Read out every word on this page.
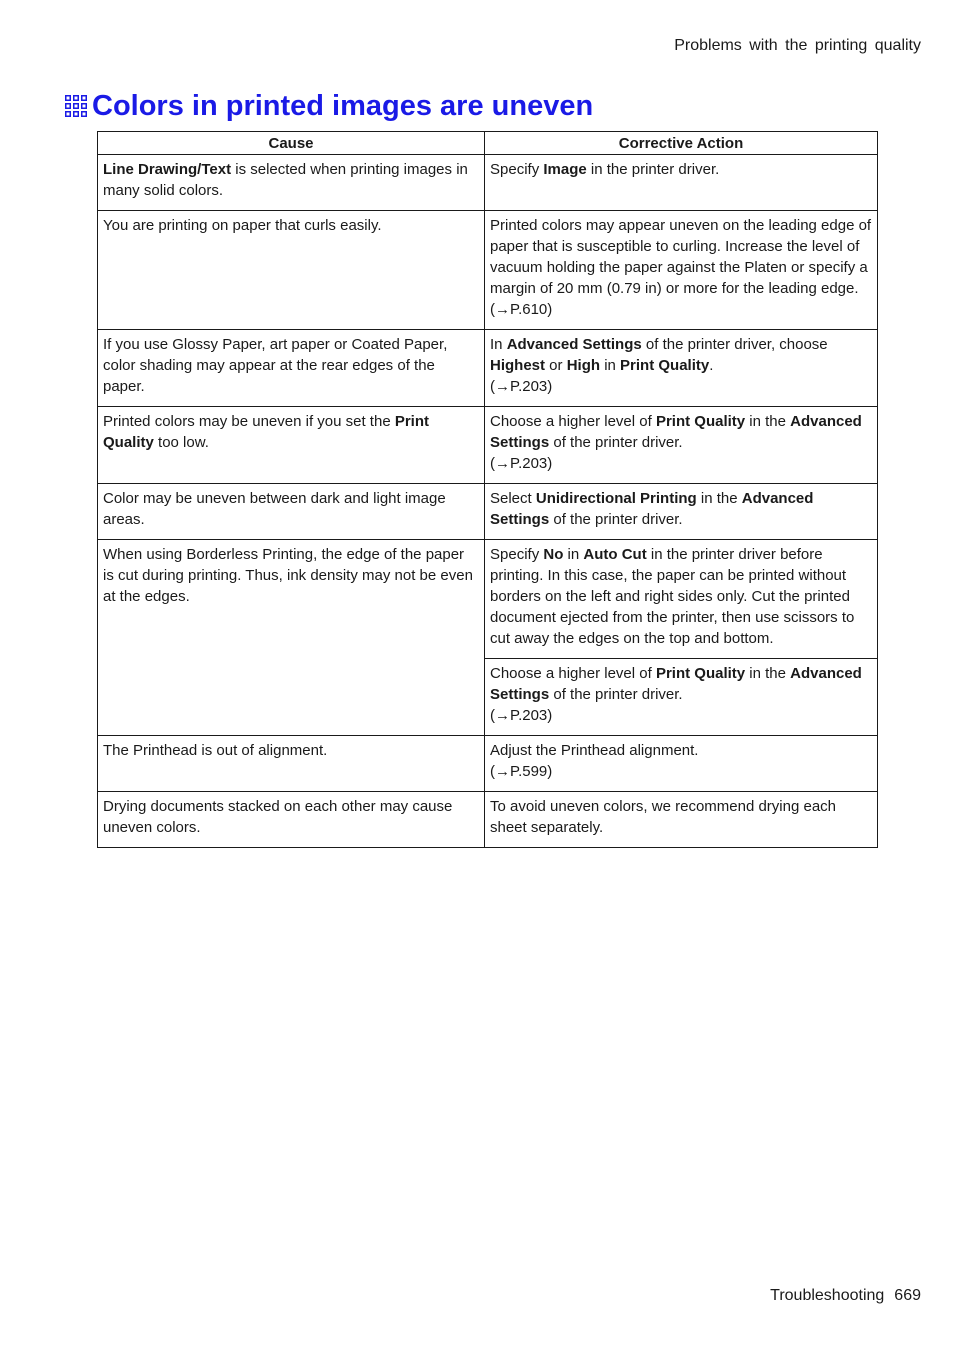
Problems with the printing quality
Colors in printed images are uneven
Cause	Corrective Action
Line Drawing/Text is selected when printing images in many solid colors.	Specify Image in the printer driver.
You are printing on paper that curls easily.	Printed colors may appear uneven on the leading edge of paper that is susceptible to curling. Increase the level of vacuum holding the paper against the Platen or specify a margin of 20 mm (0.79 in) or more for the leading edge. (→P.610)
If you use Glossy Paper, art paper or Coated Paper, color shading may appear at the rear edges of the paper.	In Advanced Settings of the printer driver, choose Highest or High in Print Quality.
(→P.203)
Printed colors may be uneven if you set the Print Quality too low.	Choose a higher level of Print Quality in the Advanced Settings of the printer driver.
(→P.203)
Color may be uneven between dark and light image areas.	Select Unidirectional Printing in the Advanced Settings of the printer driver.
When using Borderless Printing, the edge of the paper is cut during printing. Thus, ink density may not be even at the edges.	Specify No in Auto Cut in the printer driver before printing. In this case, the paper can be printed without borders on the left and right sides only. Cut the printed document ejected from the printer, then use scissors to cut away the edges on the top and bottom.
	Choose a higher level of Print Quality in the Advanced Settings of the printer driver.
(→P.203)
The Printhead is out of alignment.	Adjust the Printhead alignment.
(→P.599)
Drying documents stacked on each other may cause uneven colors.	To avoid uneven colors, we recommend drying each sheet separately.
Troubleshooting 669
